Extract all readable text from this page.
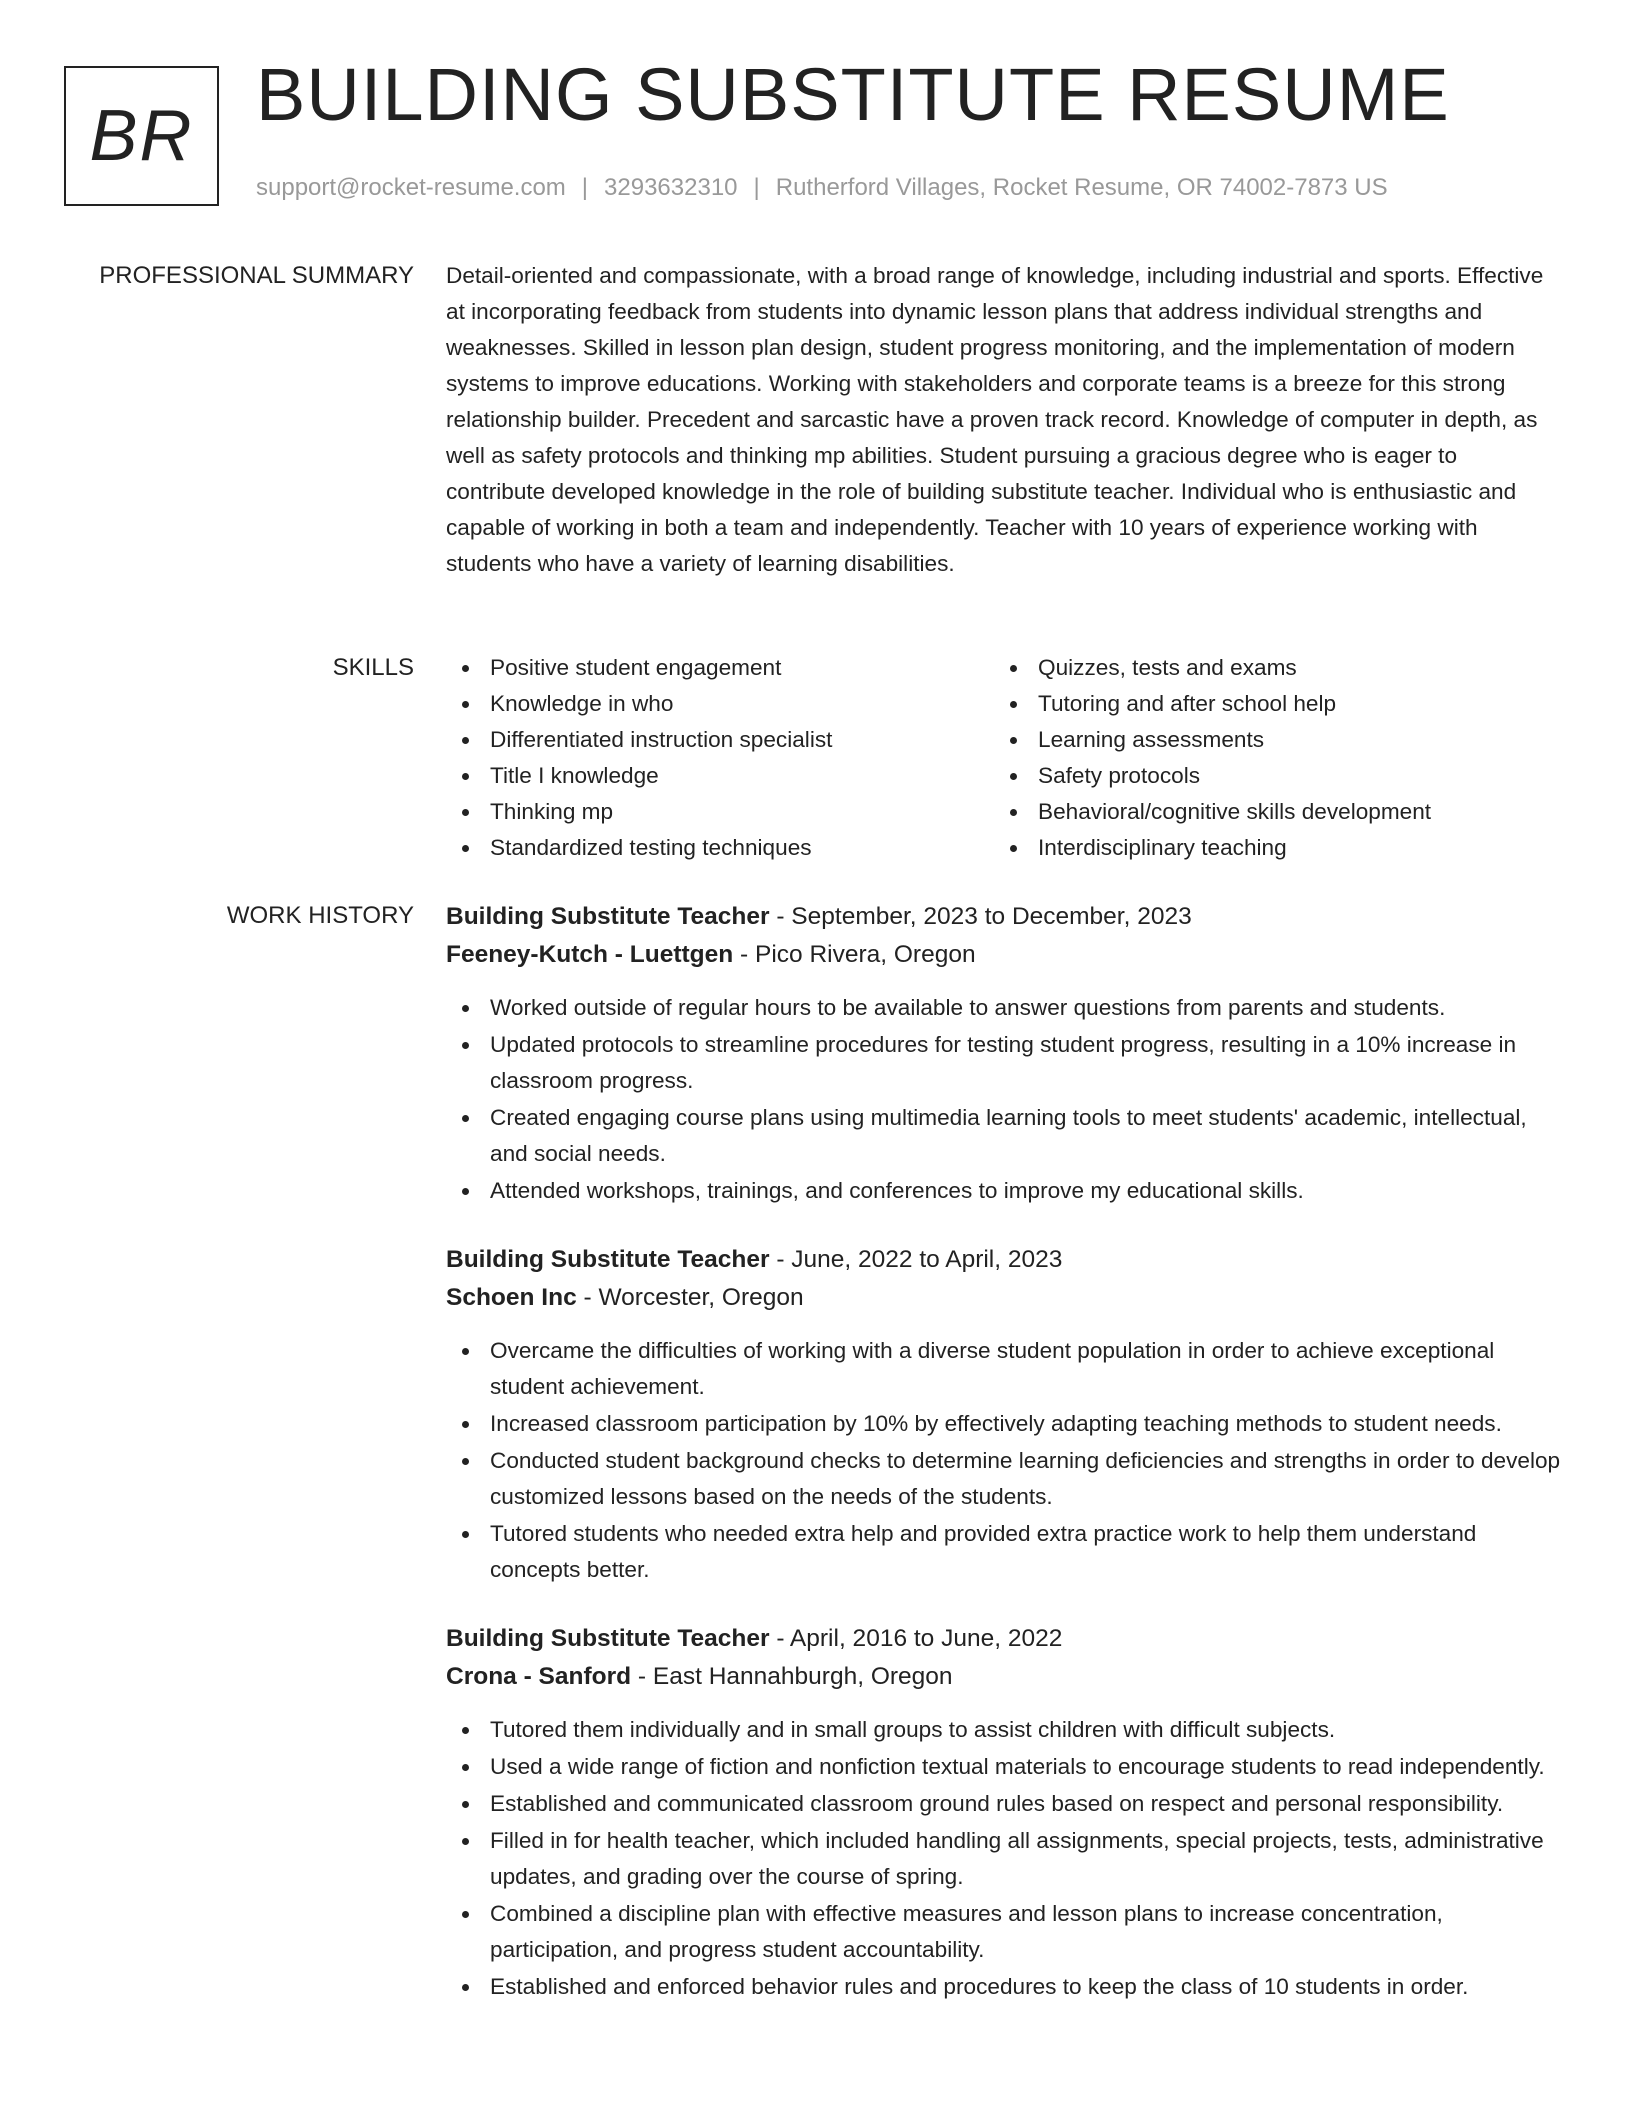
BR BUILDING SUBSTITUTE RESUME
support@rocket-resume.com | 3293632310 | Rutherford Villages, Rocket Resume, OR 74002-7873 US
PROFESSIONAL SUMMARY Detail-oriented and compassionate, with a broad range of knowledge, including industrial and sports. Effective at incorporating feedback from students into dynamic lesson plans that address individual strengths and weaknesses. Skilled in lesson plan design, student progress monitoring, and the implementation of modern systems to improve educations. Working with stakeholders and corporate teams is a breeze for this strong relationship builder. Precedent and sarcastic have a proven track record. Knowledge of computer in depth, as well as safety protocols and thinking mp abilities. Student pursuing a gracious degree who is eager to contribute developed knowledge in the role of building substitute teacher. Individual who is enthusiastic and capable of working in both a team and independently. Teacher with 10 years of experience working with students who have a variety of learning disabilities.

SKILLS	Positive student engagement
Knowledge in who
Differentiated instruction specialist
Title I knowledge
Thinking mp
Standardized testing techniques
Quizzes, tests and exams
Tutoring and after school help
Learning assessments
Safety protocols
Behavioral/cognitive skills development
Interdisciplinary teaching
WORK HISTORY Building Substitute Teacher - September, 2023 to December, 2023
Feeney-Kutch - Luettgen - Pico Rivera, Oregon
Worked outside of regular hours to be available to answer questions from parents and students.
Updated protocols to streamline procedures for testing student progress, resulting in a 10% increase in classroom progress.
Created engaging course plans using multimedia learning tools to meet students' academic, intellectual, and social needs.
Attended workshops, trainings, and conferences to improve my educational skills.
Building Substitute Teacher - June, 2022 to April, 2023
Schoen Inc - Worcester, Oregon
Overcame the difficulties of working with a diverse student population in order to achieve exceptional student achievement.
Increased classroom participation by 10% by effectively adapting teaching methods to student needs.
Conducted student background checks to determine learning deficiencies and strengths in order to develop customized lessons based on the needs of the students.
Tutored students who needed extra help and provided extra practice work to help them understand concepts better.
Building Substitute Teacher - April, 2016 to June, 2022
Crona - Sanford - East Hannahburgh, Oregon
Tutored them individually and in small groups to assist children with difficult subjects.
Used a wide range of fiction and nonfiction textual materials to encourage students to read independently.
Established and communicated classroom ground rules based on respect and personal responsibility.
Filled in for health teacher, which included handling all assignments, special projects, tests, administrative updates, and grading over the course of spring.
Combined a discipline plan with effective measures and lesson plans to increase concentration, participation, and progress student accountability.
Established and enforced behavior rules and procedures to keep the class of 10 students in order.
